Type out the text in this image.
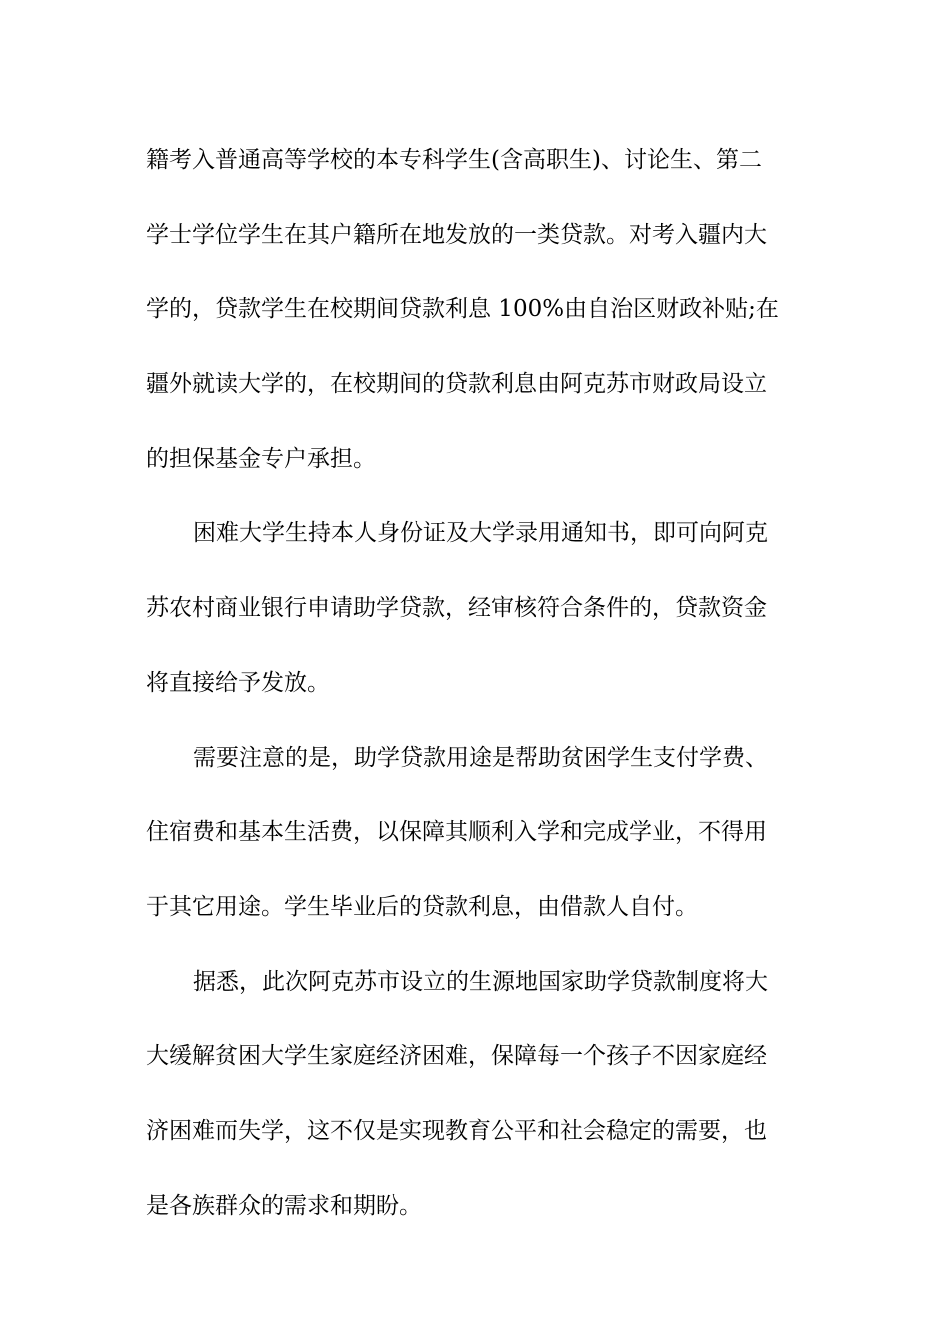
籍考入普通高等学校的本专科学生(含高职生)、讨论生、第二
学士学位学生在其户籍所在地发放的一类贷款。对考入疆内大
学的，贷款学生在校期间贷款利息 100%由自治区财政补贴;在
疆外就读大学的，在校期间的贷款利息由阿克苏市财政局设立
的担保基金专户承担。
困难大学生持本人身份证及大学录用通知书，即可向阿克
苏农村商业银行申请助学贷款，经审核符合条件的，贷款资金
将直接给予发放。
需要注意的是，助学贷款用途是帮助贫困学生支付学费、
住宿费和基本生活费，以保障其顺利入学和完成学业，不得用
于其它用途。学生毕业后的贷款利息，由借款人自付。
据悉，此次阿克苏市设立的生源地国家助学贷款制度将大
大缓解贫困大学生家庭经济困难，保障每一个孩子不因家庭经
济困难而失学，这不仅是实现教育公平和社会稳定的需要，也
是各族群众的需求和期盼。
